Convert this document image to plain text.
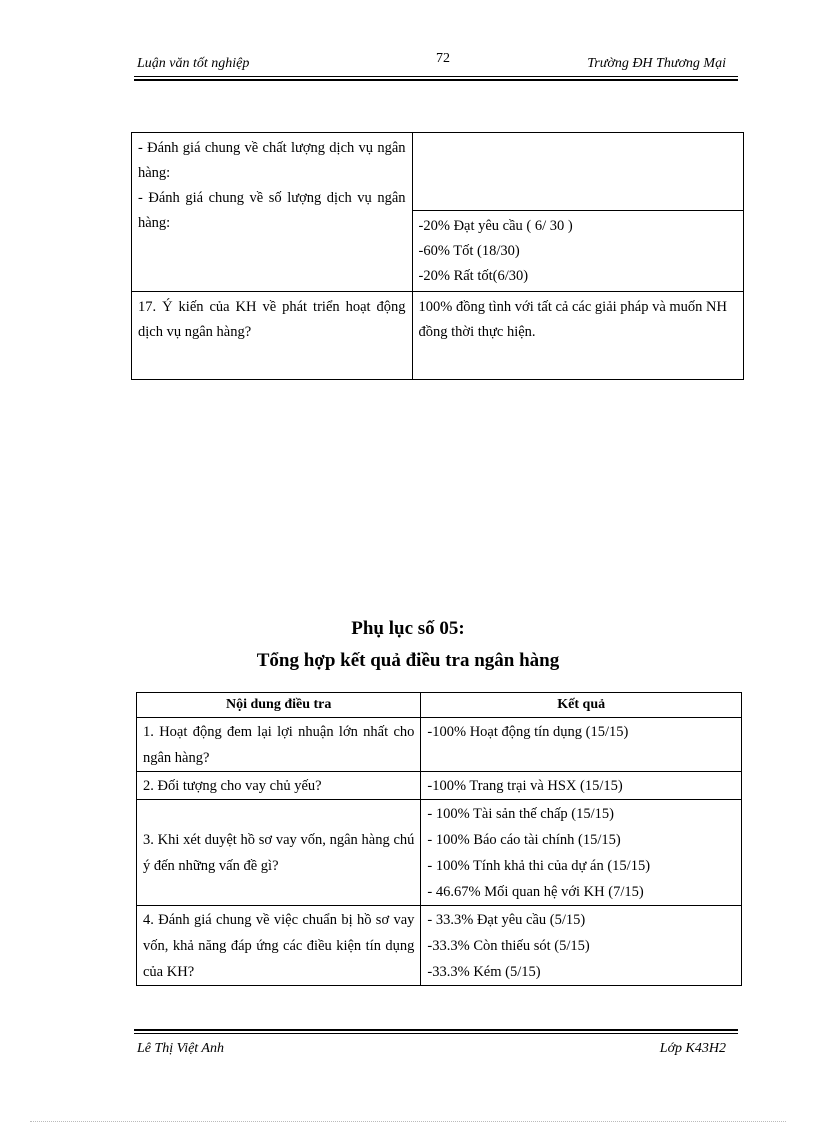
Luận văn tốt nghiệp	72	Trường ĐH Thương Mại
- Đánh giá chung về chất lượng dịch vụ ngân hàng:
- Đánh giá chung về số lượng dịch vụ ngân hàng:	

	-20% Đạt yêu cầu ( 6/ 30 )
-60% Tốt (18/30)
-20% Rất tốt(6/30)

17. Ý kiến của KH về phát triển hoạt động dịch vụ ngân hàng?	100% đồng tình với tất cả các giải pháp và muốn NH đồng thời thực hiện.
Phụ lục số 05:
Tổng hợp kết quả điều tra ngân hàng
Nội dung điều tra	Kết quả
1. Hoạt động đem lại lợi nhuận lớn nhất cho ngân hàng?	-100% Hoạt động tín dụng (15/15)

2. Đối tượng cho vay chủ yếu?	-100% Trang trại và HSX (15/15)

3. Khi xét duyệt hồ sơ vay vốn, ngân hàng chú ý đến những vấn đề gì?	- 100% Tài sản thế chấp (15/15)
- 100% Báo cáo tài chính (15/15)
- 100% Tính khả thi của dự án (15/15)
- 46.67% Mối quan hệ với KH (7/15)

4. Đánh giá chung về việc chuẩn bị hồ sơ vay vốn, khả năng đáp ứng các điều kiện tín dụng của KH?	- 33.3% Đạt yêu cầu (5/15)
-33.3% Còn thiếu sót (5/15)
-33.3% Kém (5/15)
Lê Thị Việt Anh	Lớp K43H2
